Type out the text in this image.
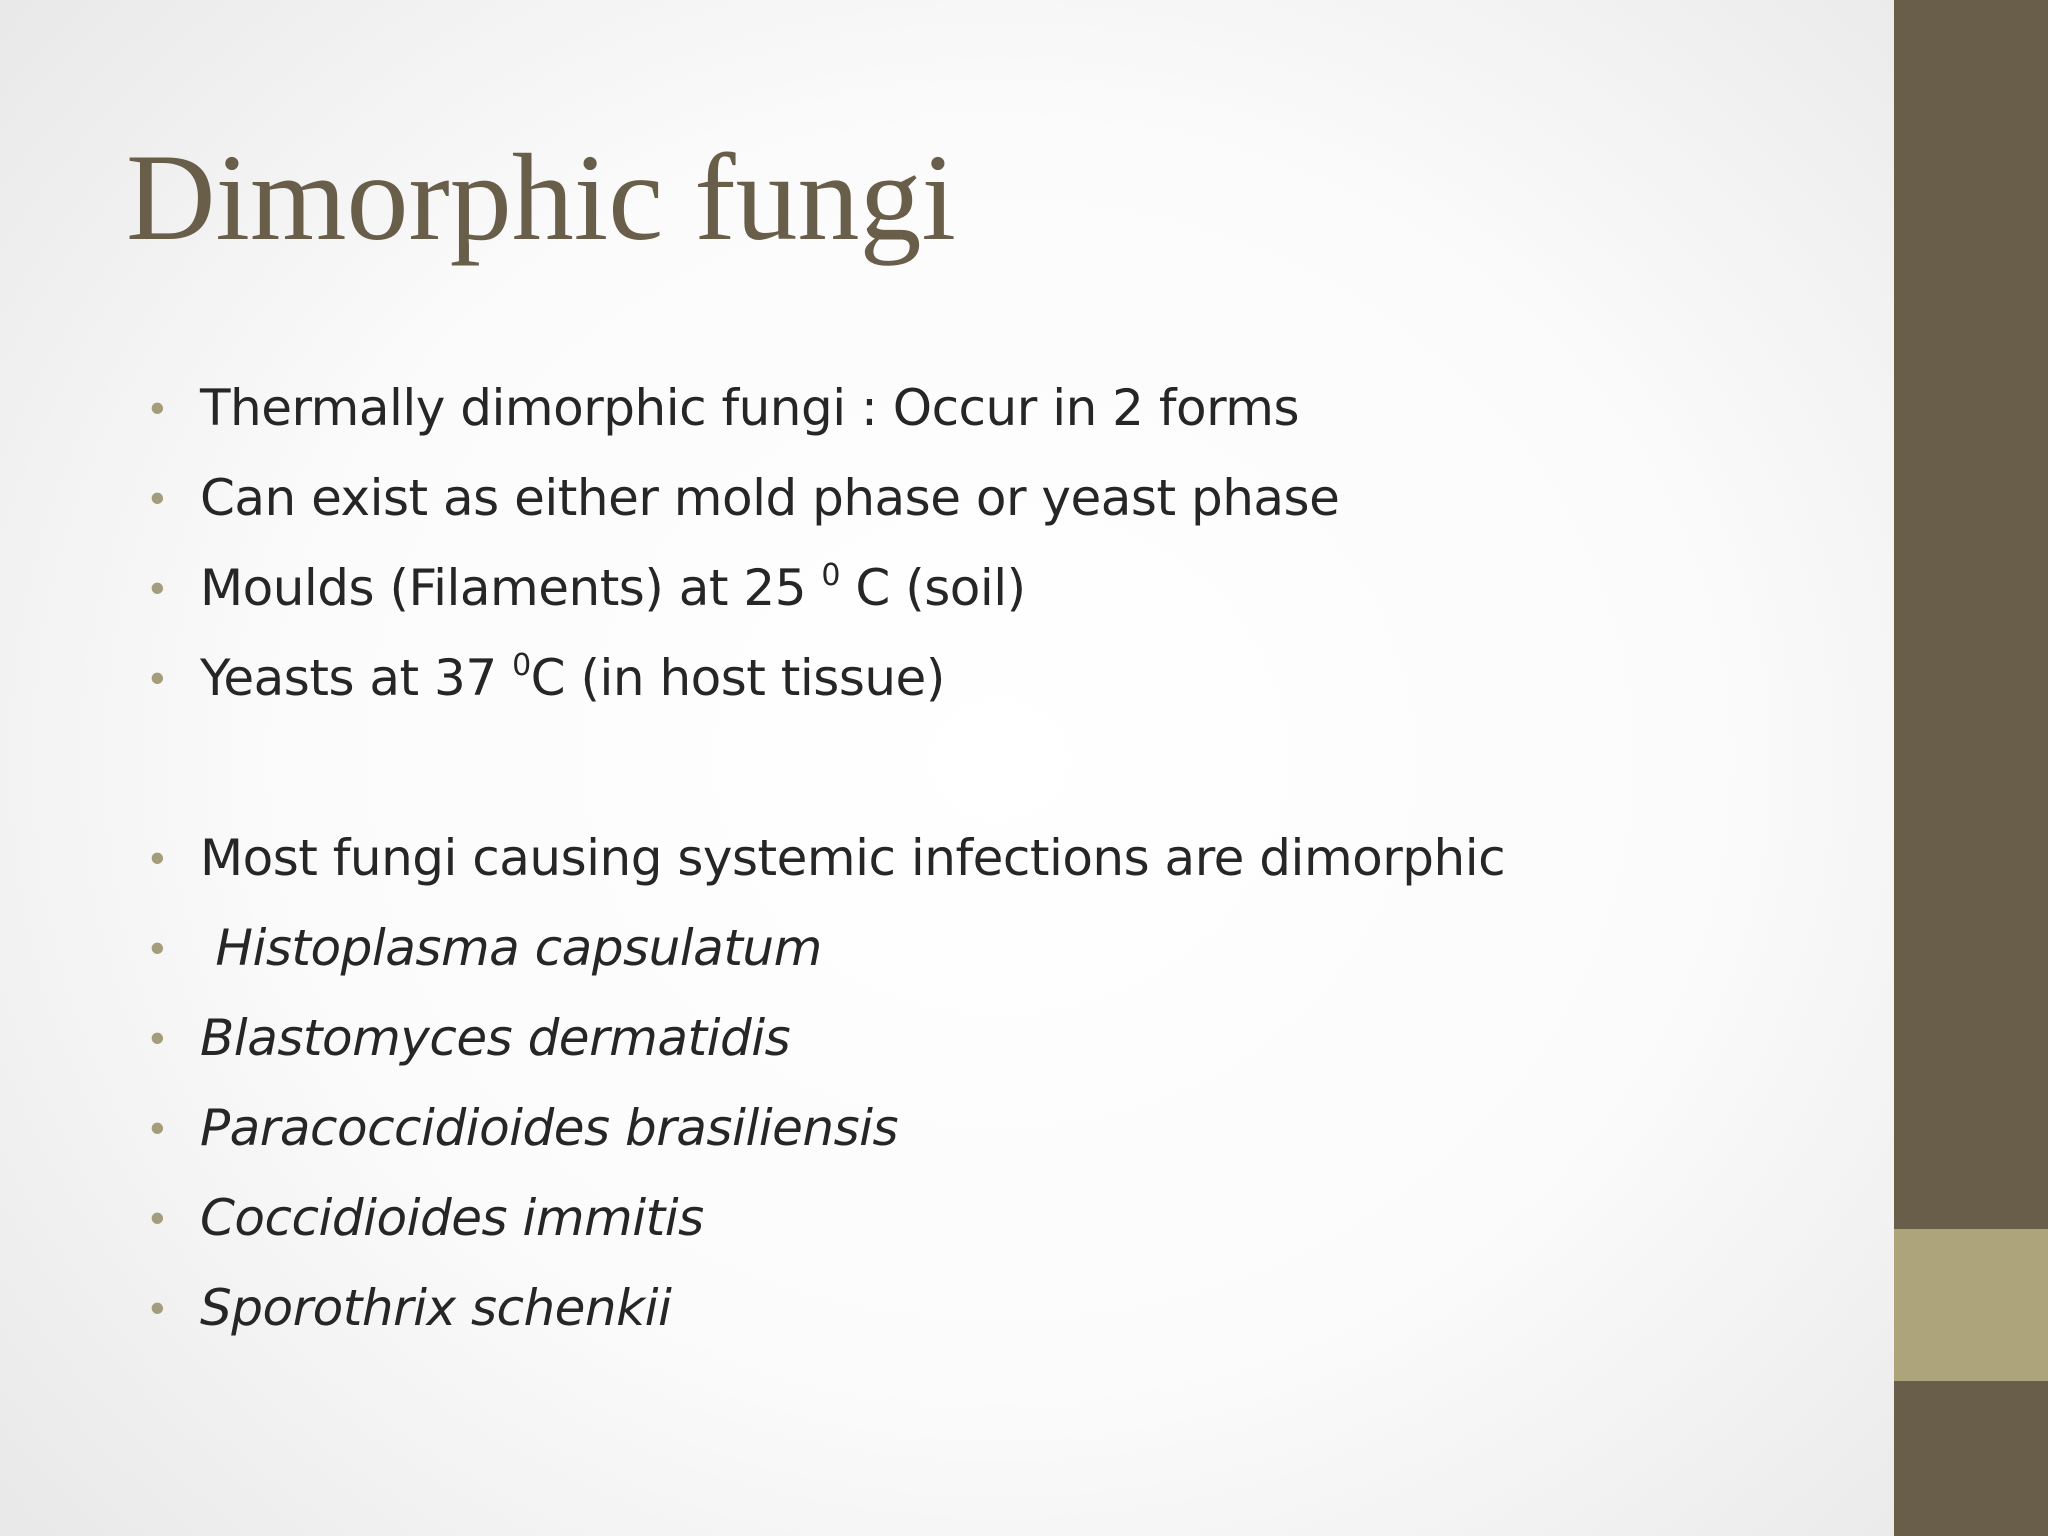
Dimorphic fungi
• Thermally dimorphic fungi : Occur in 2 forms
• Can exist as either mold phase or yeast phase
• Moulds (Filaments) at 25 $^0$ C (soil)
• Yeasts at 37 $^0$C (in host tissue)
• Most fungi causing systemic infections are dimorphic
• Histoplasma capsulatum
• Blastomyces dermatidis
• Paracoccidioides brasiliensis
• Coccidioides immitis
• Sporothrix schenkii
